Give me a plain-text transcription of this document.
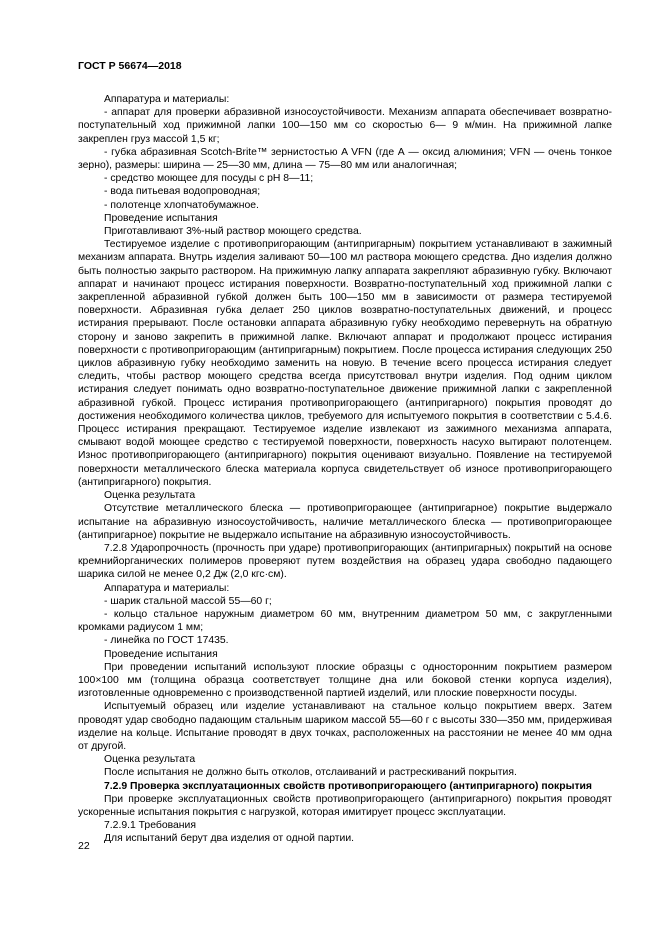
ГОСТ Р 56674—2018

Аппаратура и материалы:

- аппарат для проверки абразивной износоустойчивости. Механизм аппарата обеспечивает возвратно-поступательный ход прижимной лапки 100—150 мм со скоростью 6— 9 м/мин. На прижимной лапке закреплен груз массой 1,5 кг;

- губка абразивная Scotch-Brite™ зернистостью A VFN (где А — оксид алюминия; VFN — очень тонкое зерно), размеры: ширина — 25—30 мм, длина — 75—80 мм или аналогичная;

- средство моющее для посуды с pH 8—11;

- вода питьевая водопроводная;

- полотенце хлопчатобумажное.

Проведение испытания

Приготавливают 3%-ный раствор моющего средства.

Тестируемое изделие с противопригорающим (антипригарным) покрытием устанавливают в зажимный механизм аппарата. Внутрь изделия заливают 50—100 мл раствора моющего средства. Дно изделия должно быть полностью закрыто раствором. На прижимную лапку аппарата закрепляют абразивную губку. Включают аппарат и начинают процесс истирания поверхности. Возвратно-поступательный ход прижимной лапки с закрепленной абразивной губкой должен быть 100—150 мм в зависимости от размера тестируемой поверхности. Абразивная губка делает 250 циклов возвратно-поступательных движений, и процесс истирания прерывают. После остановки аппарата абразивную губку необходимо перевернуть на обратную сторону и заново закрепить в прижимной лапке. Включают аппарат и продолжают процесс истирания поверхности с противопригорающим (антипригарным) покрытием. После процесса истирания следующих 250 циклов абразивную губку необходимо заменить на новую. В течение всего процесса истирания следует следить, чтобы раствор моющего средства всегда присутствовал внутри изделия. Под одним циклом истирания следует понимать одно возвратно-поступательное движение прижимной лапки с закрепленной абразивной губкой. Процесс истирания противопригорающего (антипригарного) покрытия проводят до достижения необходимого количества циклов, требуемого для испытуемого покрытия в соответствии с 5.4.6. Процесс истирания прекращают. Тестируемое изделие извлекают из зажимного механизма аппарата, смывают водой моющее средство с тестируемой поверхности, поверхность насухо вытирают полотенцем. Износ противопригорающего (антипригарного) покрытия оценивают визуально. Появление на тестируемой поверхности металлического блеска материала корпуса свидетельствует об износе противопригорающего (антипригарного) покрытия.

Оценка результата

Отсутствие металлического блеска — противопригорающее (антипригарное) покрытие выдержало испытание на абразивную износоустойчивость, наличие металлического блеска — противопригорающее (антипригарное) покрытие не выдержало испытание на абразивную износоустойчивость.

7.2.8 Ударопрочность (прочность при ударе) противопригорающих (антипригарных) покрытий на основе кремнийорганических полимеров проверяют путем воздействия на образец удара свободно падающего шарика силой не менее 0,2 Дж (2,0 кгс·см).

Аппаратура и материалы:

- шарик стальной массой 55—60 г;

- кольцо стальное наружным диаметром 60 мм, внутренним диаметром 50 мм, с закругленными кромками радиусом 1 мм;

- линейка по ГОСТ 17435.

Проведение испытания

При проведении испытаний используют плоские образцы с односторонним покрытием размером 100×100 мм (толщина образца соответствует толщине дна или боковой стенки корпуса изделия), изготовленные одновременно с производственной партией изделий, или плоские поверхности посуды.

Испытуемый образец или изделие устанавливают на стальное кольцо покрытием вверх. Затем проводят удар свободно падающим стальным шариком массой 55—60 г с высоты 330—350 мм, придерживая изделие на кольце. Испытание проводят в двух точках, расположенных на расстоянии не менее 40 мм одна от другой.

Оценка результата

После испытания не должно быть отколов, отслаиваний и растрескиваний покрытия.

7.2.9 Проверка эксплуатационных свойств противопригорающего (антипригарного) покрытия

При проверке эксплуатационных свойств противопригорающего (антипригарного) покрытия проводят ускоренные испытания покрытия с нагрузкой, которая имитирует процесс эксплуатации.

7.2.9.1 Требования

Для испытаний берут два изделия от одной партии.

22
